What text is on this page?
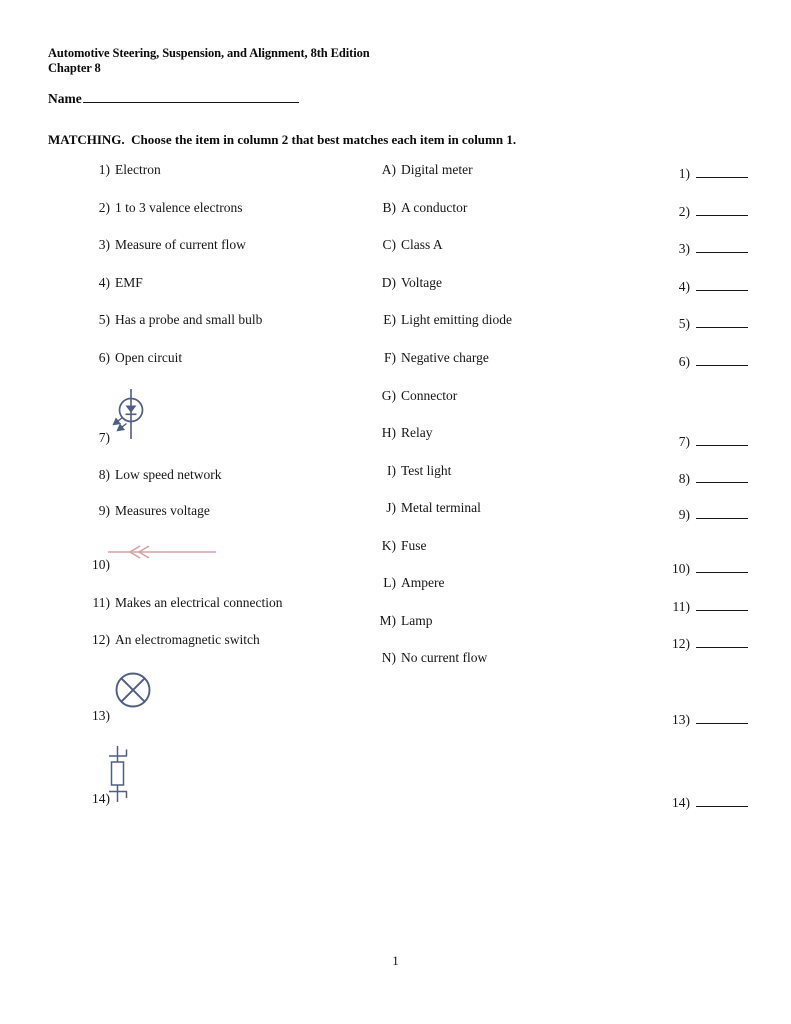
Automotive Steering, Suspension, and Alignment, 8th Edition
Chapter 8
Name
MATCHING.  Choose the item in column 2 that best matches each item in column 1.
1) Electron
2) 1 to 3 valence electrons
3) Measure of current flow
4) EMF
5) Has a probe and small bulb
6) Open circuit
7)
8) Low speed network
9) Measures voltage
10)
11) Makes an electrical connection
12) An electromagnetic switch
13)
14)
A) Digital meter
B) A conductor
C) Class A
D) Voltage
E) Light emitting diode
F) Negative charge
G) Connector
H) Relay
I) Test light
J) Metal terminal
K) Fuse
L) Ampere
M) Lamp
N) No current flow
1)
2)
3)
4)
5)
6)
7)
8)
9)
10)
11)
12)
13)
14)
1
